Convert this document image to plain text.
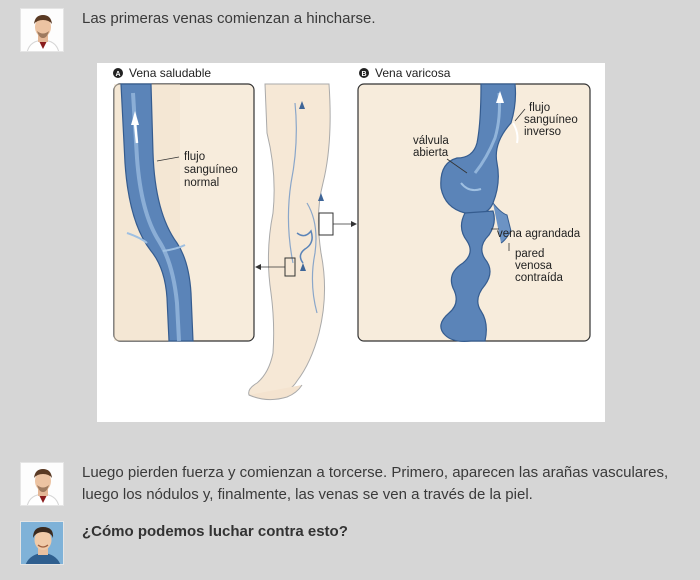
Las primeras venas comienzan a hincharse.
A Vena saludable
flujo
sanguíneo
normal
B Vena varicosa
flujo
sanguíneo
inverso
válvula
abierta
vena agrandada
pared
venosa
contraída
Luego pierden fuerza y comienzan a torcerse. Primero, aparecen las arañas vasculares, luego los nódulos y, finalmente, las venas se ven a través de la piel.
¿Cómo podemos luchar contra esto?
